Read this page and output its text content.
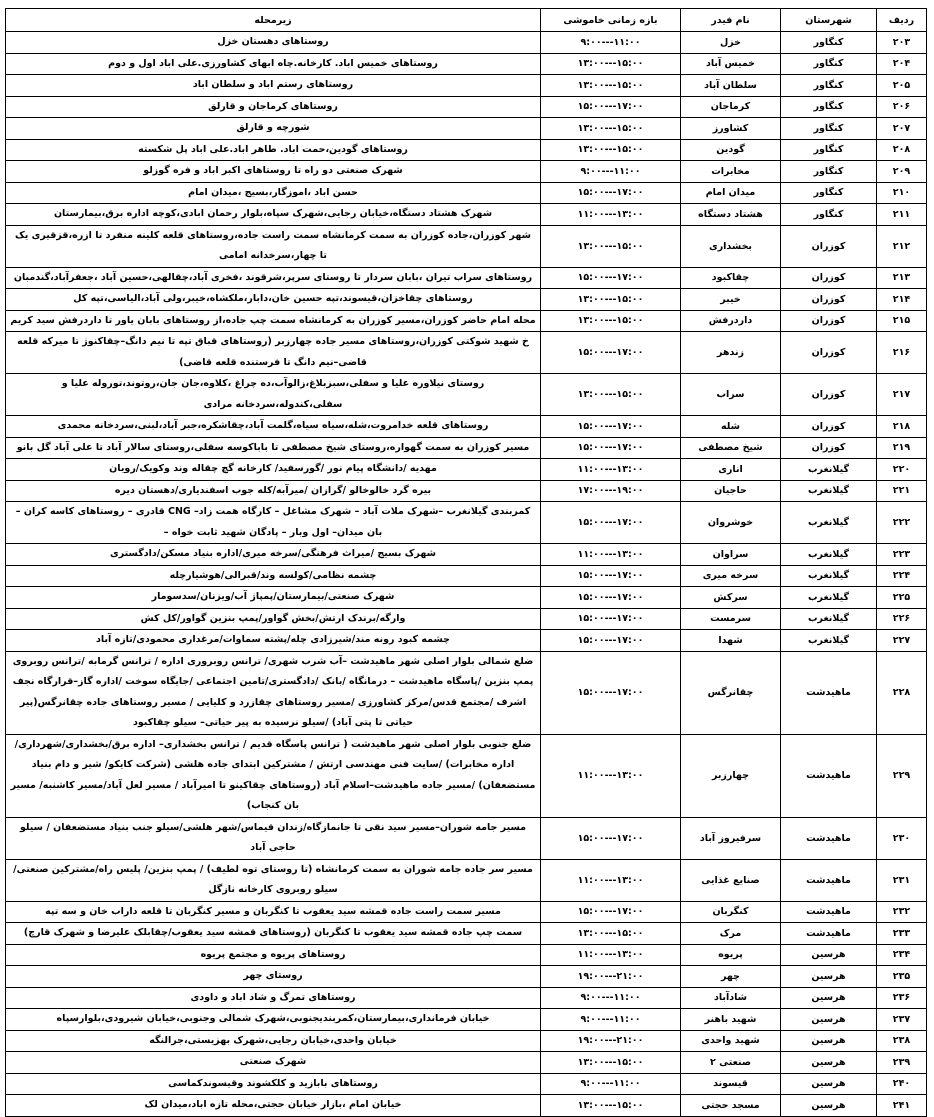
ردیف	شهرستان	نام فیدر	بازه زمانی خاموشی	زیرمحله
۲۰۳	کنگاور	خزل	۹:۰۰---۱۱:۰۰	روستاهای دهستان خزل
۲۰۴	کنگاور	خمیس آباد	۱۳:۰۰---۱۵:۰۰	روستاهای خمیس اباد. کارخانه.چاه ابهای کشاورزی.علی اباد اول و دوم
۲۰۵	کنگاور	سلطان آباد	۱۳:۰۰---۱۵:۰۰	روستاهای رستم اباد و سلطان اباد
۲۰۶	کنگاور	کرماجان	۱۵:۰۰---۱۷:۰۰	روستاهای کرماجان و قارلق
۲۰۷	کنگاور	کشاورز	۱۳:۰۰---۱۵:۰۰	شورچه و قارلق
۲۰۸	کنگاور	گودین	۱۳:۰۰---۱۵:۰۰	روستاهای گودین،حمت اباد. طاهر اباد.علی اباد پل شکسته
۲۰۹	کنگاور	مخابرات	۹:۰۰---۱۱:۰۰	شهرک صنعتی دو راه تا روستاهای اکبر اباد و فره گوزلو
۲۱۰	کنگاور	میدان امام	۱۵:۰۰---۱۷:۰۰	حسن اباد ،اموزگار،بسیج ،میدان امام
۲۱۱	کنگاور	هشتاد دستگاه	۱۱:۰۰---۱۳:۰۰	شهرک هشتاد دستگاه،خیابان رجایی،شهرک سپاه،بلوار رحمان ابادی،کوچه اداره برق،بیمارستان
۲۱۲	کوزران	بخشداری	۱۳:۰۰---۱۵:۰۰	شهر کوزران،جاده کوزران به سمت کرمانشاه سمت راست جاده،روستاهای قلعه کلینه منفرد تا ازره،قزقیری یک تا چهار،سرخدانه امامی
۲۱۳	کوزران	چقاکبود	۱۵:۰۰---۱۷:۰۰	روستاهای سراب تیران ،بابان سردار تا روستای سرپر،شرقوند ،فخری آباد،چقالهی،حسین آباد ،جعفرآباد،گندمبان
۲۱۴	کوزران	خیبر	۱۳:۰۰---۱۵:۰۰	روستاهای چقاخزان،قیسوند،تپه حسین خان،دابار،ملکشاه،خیبر،ولی آباد،الیاسی،تپه کل
۲۱۵	کوزران	داردرفش	۱۳:۰۰---۱۵:۰۰	محله امام حاضر کوزران،مسیر کوزران به کرمانشاه سمت چپ جاده،از روستاهای بابان یاور تا داردرفش سید کریم
۲۱۶	کوزران	زندهر	۱۵:۰۰---۱۷:۰۰	خ شهید شوکتی کوزران،روستاهای مسیر جاده چهارزبر (روستاهای قباق تپه تا نیم دانگ–چقاکنوژ تا میرکه قلعه قاضی–نیم دانگ تا فرستنده قلعه قاضی)
۲۱۷	کوزران	سراب	۱۳:۰۰---۱۵:۰۰	روستای نیلاوره علیا و سفلی،سبزبلاغ،زالوآب،ده چراغ ،کلاوه،جان جان،روتوند،توروله علیا و سفلی،کندوله،سردخانه مرادی
۲۱۸	کوزران	شله	۱۵:۰۰---۱۷:۰۰	روستاهای قلعه خدامروت،شله،سیاه سیاه،گلمت آباد،چقاشکره،جبر آباد،لبنی،سردخانه محمدی
۲۱۹	کوزران	شیخ مصطفی	۱۵:۰۰---۱۷:۰۰	مسیر کوزران به سمت گهواره،روستای شیخ مصطفی تا باباکوسه سفلی،روستای سالار آباد تا علی آباد گل بانو
۲۲۰	گیلانغرب	اناری	۱۱:۰۰---۱۳:۰۰	مهدیه /دانشگاه پیام نور /گورسفید/ کارخانه گچ چقاله وند وکویک/رویان
۲۲۱	گیلانغرب	حاجیان	۱۷:۰۰---۱۹:۰۰	بیره گرد خالوخالو /گرازان /میرآبه/کله جوب اسفندیاری/دهستان دیره
۲۲۲	گیلانغرب	خوشروان	۱۵:۰۰---۱۷:۰۰	کمربندی گیلانغرب –شهرک ملات آباد – شهرک مشاغل – کارگاه همت زاد– CNG قادری – روستاهای کاسه کران – بان میدان– اول وبار – پادگان شهید ثابت خواه –
۲۲۳	گیلانغرب	سراوان	۱۱:۰۰---۱۳:۰۰	شهرک بسیج /میراث فرهنگی/سرخه میری/اداره بنیاد مسکن/دادگستری
۲۲۴	گیلانغرب	سرخه میری	۱۵:۰۰---۱۷:۰۰	چشمه نظامی/کولسه وند/قبرالی/هوشیارچله
۲۲۵	گیلانغرب	سرکش	۱۵:۰۰---۱۷:۰۰	شهرک صنعتی/بیمارستان/پمپاژ آب/ویزنان/سدسومار
۲۲۶	گیلانغرب	سرمست	۱۵:۰۰---۱۷:۰۰	وارگه/برندک ارتش/بخش گواور/پمپ بنزین گواور/کل کش
۲۲۷	گیلانغرب	شهدا	۱۵:۰۰---۱۷:۰۰	چشمه کبود رونه مند/شیرزادی چله/پشته سماوات/مرغداری محمودی/تازه آباد
۲۲۸	ماهیدشت	چقانرگس	۱۵:۰۰---۱۷:۰۰	ضلع شمالی بلوار اصلی شهر ماهیدشت –آب شرب شهری/ ترانس روبروری اداره / ترانس گرمابه /ترانس روبروی پمپ بنزین /پاسگاه ماهیدشت – درمانگاه /بانک /دادگستری/تامین اجتماعی /جایگاه سوخت /اداره گاز–قرارگاه نجف اشرف /مجتمع قدس/مرکز کشاورزی /مسیر روستاهای چقازرد و کلیایی / مسیر روستاهای جاده چقانرگس(پیر حیاتی تا پتی آباد) /سیلو نرسیده به پیر حیاتی– سیلو چقاکبود
۲۲۹	ماهیدشت	چهارزبر	۱۱:۰۰---۱۳:۰۰	ضلع جنوبی بلوار اصلی شهر ماهیدشت ( ترانس پاسگاه قدیم / ترانس بخشداری– اداره برق/بخشداری/شهرداری/اداره مخابرات) /سایت فنی مهندسی ارتش / مشترکین ابتدای جاده هلشی (شرکت کایکو/ شیر و دام بنیاد مستضعفان) /مسیر جاده ماهیدشت–اسلام آباد (روستاهای چقاکینو تا امیرآباد / مسیر لعل آباد/مسیر کاشنبه/ مسیر بان کنجاب)
۲۳۰	ماهیدشت	سرفیروز آباد	۱۵:۰۰---۱۷:۰۰	مسیر جامه شوران–مسیر سید نقی تا جانمازگاه/زندان قیماس/شهر هلشی/سیلو جنب بنیاد مستضعفان / سیلو حاجی آباد
۲۳۱	ماهیدشت	صنایع غذایی	۱۱:۰۰---۱۳:۰۰	مسیر سر جاده جامه شوران به سمت کرمانشاه (تا روستای توه لطیف) / پمپ بنزین/ پلیس راه/مشترکین صنعتی/سیلو روبروی کارخانه نازگل
۲۳۲	ماهیدشت	کنگربان	۱۵:۰۰---۱۷:۰۰	مسیر سمت راست جاده قمشه سید یعقوب تا کنگربان و مسیر کنگربان تا قلعه داراب خان و سه تپه
۲۳۳	ماهیدشت	مرک	۱۳:۰۰---۱۵:۰۰	سمت چپ جاده قمشه سید یعقوب تا کنگربان (روستاهای قمشه سید یعقوب/چقابلک علیرضا و شهرک قارچ)
۲۳۴	هرسین	پریوه	۱۱:۰۰---۱۳:۰۰	روستاهای پریوه و مجتمع پریوه
۲۳۵	هرسین	چهر	۱۹:۰۰---۲۱:۰۰	روستای چهر
۲۳۶	هرسین	شادآباد	۹:۰۰---۱۱:۰۰	روستاهای تمرگ و شاد اباد و داودی
۲۳۷	هرسین	شهید باهنر	۹:۰۰---۱۱:۰۰	خیابان فرمانداری،بیمارستان،کمربندیجنوبی،شهرک شمالی وجنوبی،خیابان شیرودی،بلوارسپاه
۲۳۸	هرسین	شهید واحدی	۱۹:۰۰---۲۱:۰۰	خیابان واحدی،خیابان رجایی،شهرک بهزیستی،جرالنگه
۲۳۹	هرسین	صنعتی ۲	۱۳:۰۰---۱۵:۰۰	شهرک صنعتی
۲۴۰	هرسین	قیسوند	۹:۰۰---۱۱:۰۰	روستاهای بابازید و کلکشوند وقیسوندکماسی
۲۴۱	هرسین	مسجد حجتی	۱۳:۰۰---۱۵:۰۰	خیابان امام ،بازار خیابان حجتی،محله تازه اباد،میدان لک
